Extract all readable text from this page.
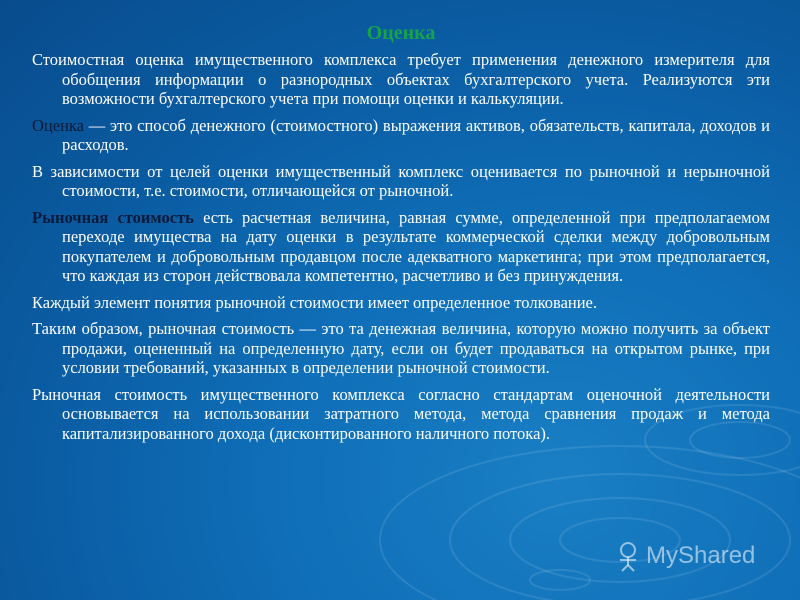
Оценка

Стоимостная оценка имущественного комплекса требует применения денежного измерителя для обобщения информации о разнородных объектах бухгалтерского учета. Реализуются эти возможности бухгалтерского учета при помощи оценки и калькуляции.

Оценка — это способ денежного (стоимостного) выражения активов, обязательств, капитала, доходов и расходов.

В зависимости от целей оценки имущественный комплекс оценивается по рыночной и нерыночной стоимости, т.е. стоимости, отличающейся от рыночной.

Рыночная стоимость есть расчетная величина, равная сумме, определенной при предполагаемом переходе имущества на дату оценки в результате коммерческой сделки между добровольным покупателем и добровольным продавцом после адекватного маркетинга; при этом предполагается, что каждая из сторон действовала компетентно, расчетливо и без принуждения.

Каждый элемент понятия рыночной стоимости имеет определенное толкование.

Таким образом, рыночная стоимость — это та денежная величина, которую можно получить за объект продажи, оцененный на определенную дату, если он будет продаваться на открытом рынке, при условии требований, указанных в определении рыночной стоимости.

Рыночная стоимость имущественного комплекса согласно стандартам оценочной деятельности основывается на использовании затратного метода, метода сравнения продаж и метода капитализированного дохода (дисконтированного наличного потока).

MyShared
